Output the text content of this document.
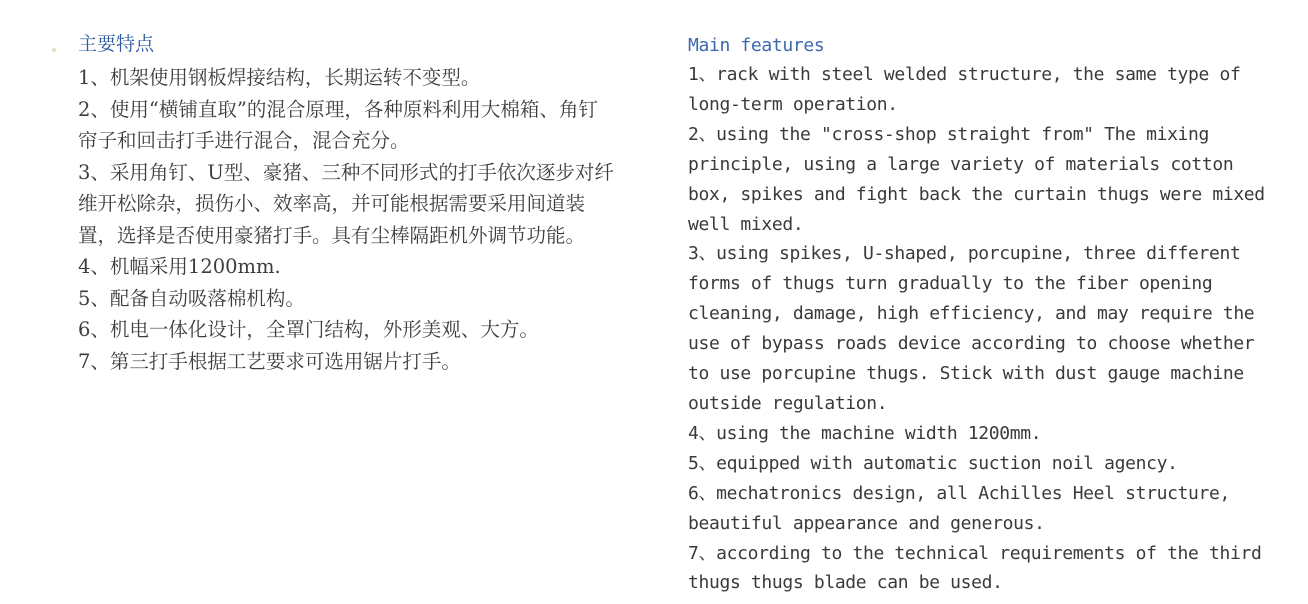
主要特点
1、机架使用钢板焊接结构，长期运转不变型。
2、使用“横铺直取”的混合原理，各种原料利用大棉箱、角钉
帘子和回击打手进行混合，混合充分。
3、采用角钉、U型、豪猪、三种不同形式的打手依次逐步对纤
维开松除杂，损伤小、效率高，并可能根据需要采用间道装
置，选择是否使用豪猪打手。具有尘棒隔距机外调节功能。
4、机幅采用1200mm.
5、配备自动吸落棉机构。
6、机电一体化设计，全罩门结构，外形美观、大方。
7、第三打手根据工艺要求可选用锯片打手。
Main features
1、rack with steel welded structure, the same type of
long-term operation.
2、using the "cross-shop straight from" The mixing
principle, using a large variety of materials cotton
box, spikes and fight back the curtain thugs were mixed
well mixed.
3、using spikes, U-shaped, porcupine, three different
forms of thugs turn gradually to the fiber opening
cleaning, damage, high efficiency, and may require the
use of bypass roads device according to choose whether
to use porcupine thugs. Stick with dust gauge machine
outside regulation.
4、using the machine width 1200mm.
5、equipped with automatic suction noil agency.
6、mechatronics design, all Achilles Heel structure,
beautiful appearance and generous.
7、according to the technical requirements of the third
thugs thugs blade can be used.
